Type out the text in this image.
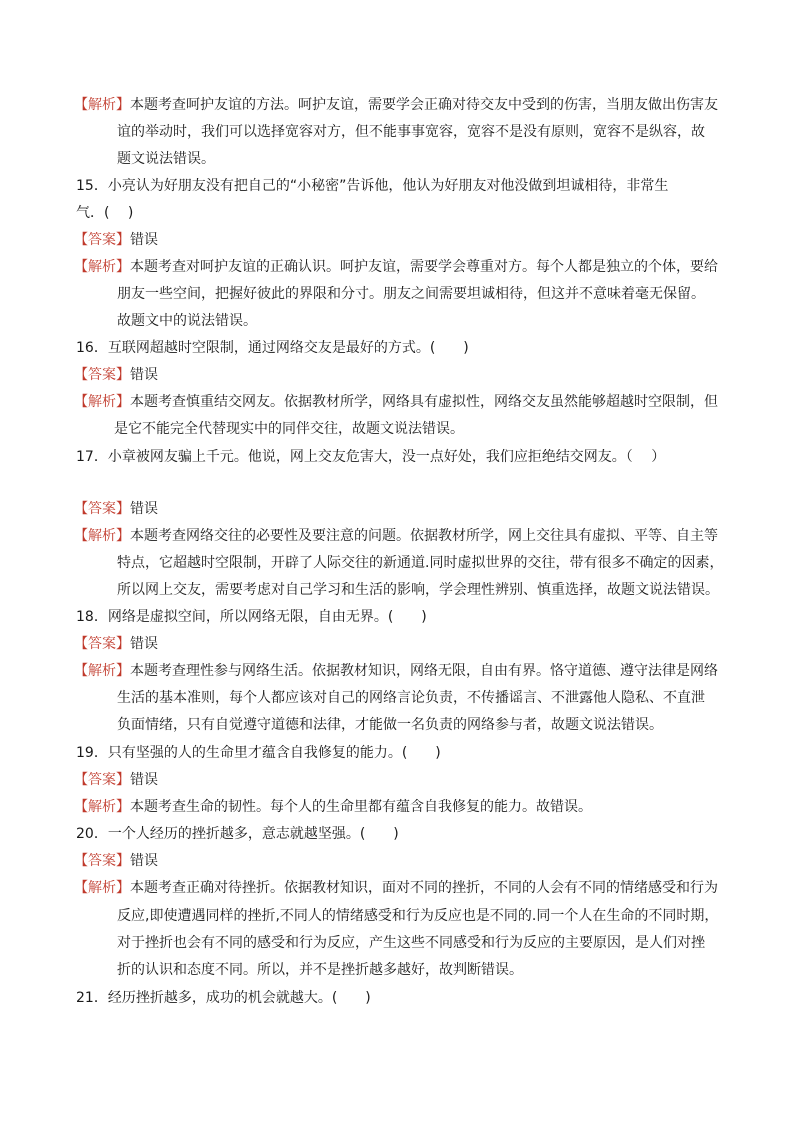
【解析】本题考查呵护友谊的方法。呵护友谊，需要学会正确对待交友中受到的伤害，当朋友做出伤害友
谊的举动时，我们可以选择宽容对方，但不能事事宽容，宽容不是没有原则，宽容不是纵容，故
题文说法错误。
15．小亮认为好朋友没有把自己的“小秘密”告诉他，他认为好朋友对他没做到坦诚相待，非常生
气．(　 )
【答案】错误
【解析】本题考查对呵护友谊的正确认识。呵护友谊，需要学会尊重对方。每个人都是独立的个体，要给
朋友一些空间，把握好彼此的界限和分寸。朋友之间需要坦诚相待，但这并不意味着毫无保留。
故题文中的说法错误。
16．互联网超越时空限制，通过网络交友是最好的方式。(　　)
【答案】错误
【解析】本题考查慎重结交网友。依据教材所学，网络具有虚拟性，网络交友虽然能够超越时空限制，但
是它不能完全代替现实中的同伴交往，故题文说法错误。
17．小章被网友骗上千元。他说，网上交友危害大，没一点好处，我们应拒绝结交网友。（　 ）
【答案】错误
【解析】本题考查网络交往的必要性及要注意的问题。依据教材所学，网上交往具有虚拟、平等、自主等
特点，它超越时空限制，开辟了人际交往的新通道.同时虚拟世界的交往，带有很多不确定的因素，
所以网上交友，需要考虑对自己学习和生活的影响，学会理性辨别、慎重选择，故题文说法错误。
18．网络是虚拟空间，所以网络无限，自由无界。(　　)
【答案】错误
【解析】本题考查理性参与网络生活。依据教材知识，网络无限，自由有界。恪守道德、遵守法律是网络
生活的基本准则，每个人都应该对自己的网络言论负责，不传播谣言、不泄露他人隐私、不直泄
负面情绪，只有自觉遵守道德和法律，才能做一名负责的网络参与者，故题文说法错误。
19．只有坚强的人的生命里才蕴含自我修复的能力。(　　)
【答案】错误
【解析】本题考查生命的韧性。每个人的生命里都有蕴含自我修复的能力。故错误。
20．一个人经历的挫折越多，意志就越坚强。(　　)
【答案】错误
【解析】本题考查正确对待挫折。依据教材知识，面对不同的挫折，不同的人会有不同的情绪感受和行为
反应,即使遭遇同样的挫折,不同人的情绪感受和行为反应也是不同的.同一个人在生命的不同时期，
对于挫折也会有不同的感受和行为反应，产生这些不同感受和行为反应的主要原因，是人们对挫
折的认识和态度不同。所以，并不是挫折越多越好，故判断错误。
21．经历挫折越多，成功的机会就越大。(　　)
